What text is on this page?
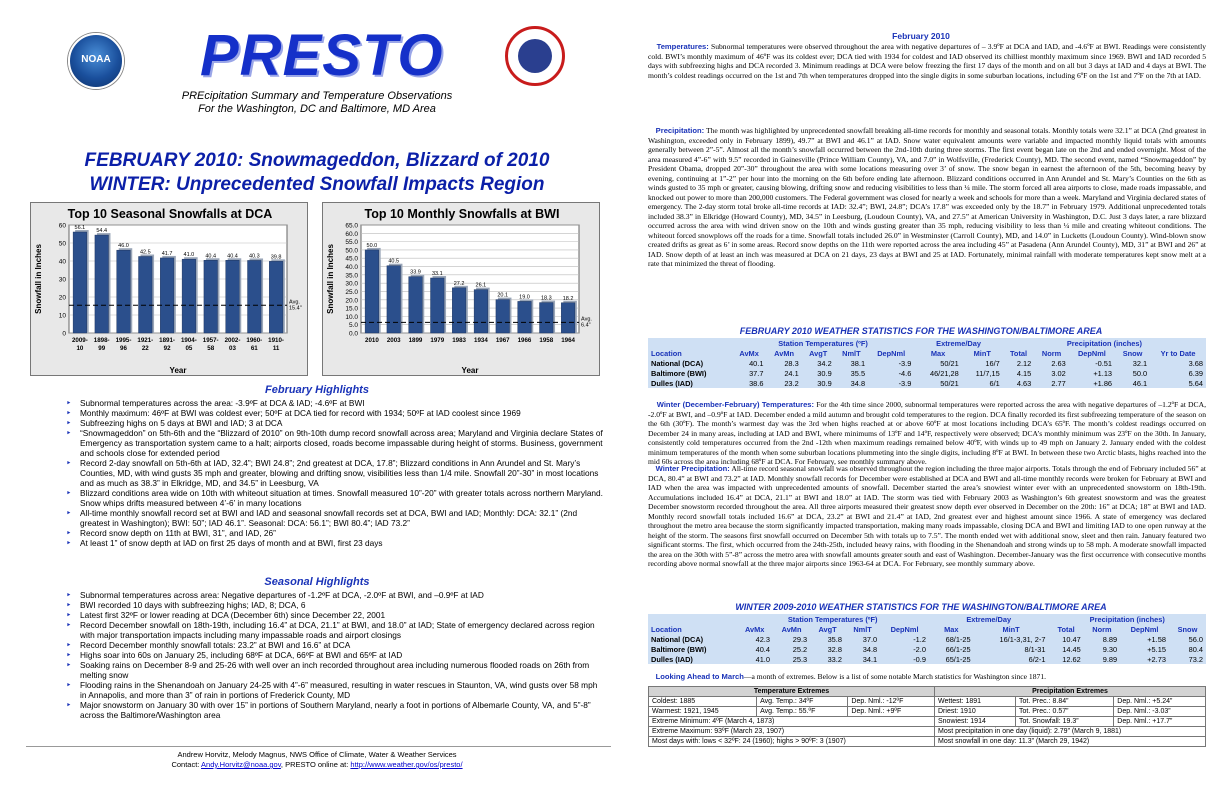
NOAA PRESTO
PREcipitation Summary and Temperature Observations
For the Washington, DC and Baltimore, MD Area
FEBRUARY 2010: Snowmageddon, Blizzard of 2010
WINTER: Unprecedented Snowfall Impacts Region
Top 10 Seasonal Snowfalls at DCA
0
10
20
30
40
50
60
Snowfall in Inches
56.1
2009-10
54.4
1898-99
46.0
1995-96
42.5
1921-22
41.7
1891-92
41.0
1904-05
40.4
1957-58
40.4
2002-03
40.3
1960-61
39.8
1910-11
Avg. 15.4"
Year
Top 10 Monthly Snowfalls at BWI
0.0
5.0
10.0
15.0
20.0
25.0
30.0
35.0
40.0
45.0
50.0
55.0
60.0
65.0
Snowfall in Inches	50.0
2010
40.5
2003
33.9
1899
33.1
1979
27.2
1983
26.1
1934
20.1
1967
19.0
1966
18.3
1958
18.2
1964
Avg. 6.4"
Year
February Highlights
‣ Subnormal temperatures across the area: -3.9ºF at DCA & IAD; -4.6ºF at BWI
‣ Monthly maximum: 46ºF at BWI was coldest ever; 50ºF at DCA tied for record with 1934; 50ºF at IAD coolest since 1969
‣ Subfreezing highs on 5 days at BWI and IAD; 3 at DCA
‣ “Snowmageddon” on 5th-6th and the “Blizzard of 2010” on 9th-10th dump record snowfall across area; Maryland and Virginia declare States of Emergency as transportation system came to a halt; airports closed, roads become impassable during height of storms. Business, government and schools close for extended period
‣ Record 2-day snowfall on 5th-6th at IAD, 32.4”; BWI 24.8”; 2nd greatest at DCA, 17.8”; Blizzard conditions in Ann Arundel and St. Mary’s Counties, MD, with wind gusts 35 mph and greater, blowing and drifting snow, visibilities less than 1/4 mile. Snowfall 20”-30” in most locations and as much as 38.3” in Elkridge, MD, and 34.5” in Leesburg, VA
‣ Blizzard conditions area wide on 10th with whiteout situation at times. Snowfall measured 10”-20” with greater totals across northern Maryland. Snow whips drifts measured between 4’-6’ in many locations
‣ All-time monthly snowfall record set at BWI and IAD and seasonal snowfall records set at DCA, BWI and IAD; Monthly: DCA: 32.1” (2nd greatest in Washington); BWI: 50”; IAD 46.1”. Seasonal: DCA: 56.1”; BWI 80.4”; IAD 73.2”
‣ Record snow depth on 11th at BWI, 31”, and IAD, 26”
‣ At least 1” of snow depth at IAD on first 25 days of month and at BWI, first 23 days
Seasonal Highlights
‣ Subnormal temperatures across area: Negative departures of -1.2ºF at DCA, -2.0ºF at BWI, and –0.9ºF at IAD
‣ BWI recorded 10 days with subfreezing highs; IAD, 8; DCA, 6
‣ Latest first 32ºF or lower reading at DCA (December 6th) since December 22, 2001
‣ Record December snowfall on 18th-19th, including 16.4” at DCA, 21.1” at BWI, and 18.0” at IAD; State of emergency declared across region with major transportation impacts including many impassable roads and airport closings
‣ Record December monthly snowfall totals: 23.2” at BWI and 16.6” at DCA
‣ Highs soar into 60s on January 25, including 68ºF at DCA, 66ºF at BWI and 65ºF at IAD
‣ Soaking rains on December 8-9 and 25-26 with well over an inch recorded throughout area including numerous flooded roads on 26th from melting snow
‣ Flooding rains in the Shenandoah on January 24-25 with 4”-6” measured, resulting in water rescues in Staunton, VA, wind gusts over 58 mph in Annapolis, and more than 3” of rain in portions of Frederick County, MD
‣ Major snowstorm on January 30 with over 15” in portions of Southern Maryland, nearly a foot in portions of Albemarle County, VA, and 5”-8” across the Baltimore/Washington area
Andrew Horvitz, Melody Magnus, NWS Office of Climate, Water & Weather Services
Contact: Andy.Horvitz@noaa.gov, PRESTO online at: http://www.weather.gov/os/presto/
February 2010
Temperatures: Subnormal temperatures were observed throughout the area with negative departures of – 3.9ºF at DCA and IAD, and -4.6ºF at BWI. Readings were consistently cold. BWI’s monthly maximum of 46ºF was its coldest ever; DCA tied with 1934 for coldest and IAD observed its chilliest monthly maximum since 1969. BWI and IAD recorded 5 days with subfreezing highs and DCA recorded 3. Minimum readings at DCA were below freezing the first 17 days of the month and on all but 3 days at IAD and 4 days at BWI. The month’s coldest readings occurred on the 1st and 7th when temperatures dropped into the single digits in some suburban locations, including 6ºF on the 1st and 7ºF on the 7th at IAD.
Precipitation: The month was highlighted by unprecedented snowfall breaking all-time records for monthly and seasonal totals. Monthly totals were 32.1” at DCA (2nd greatest in Washington, exceeded only in February 1899), 49.7” at BWI and 46.1” at IAD. Snow water equivalent amounts were variable and impacted monthly liquid totals with amounts generally between 2”-5”. Almost all the month’s snowfall occurred between the 2nd-10th during three storms. The first event began late on the 2nd and ended overnight. Most of the area measured 4”-6” with 9.5” recorded in Gainesville (Prince William County), VA, and 7.0” in Wolfsville, (Frederick County), MD. The second event, named “Snowmageddon” by President Obama, dropped 20”-30” throughout the area with some locations measuring over 3’ of snow. The snow began in earnest the afternoon of the 5th, becoming heavy by evening, continuing at 1”-2” per hour into the morning on the 6th before ending late afternoon. Blizzard conditions occurred in Ann Arundel and St. Mary’s Counties on the 6th as winds gusted to 35 mph or greater, causing blowing, drifting snow and reducing visibilities to less than ¼ mile. The storm forced all area airports to close, made roads impassable, and knocked out power to more than 200,000 customers. The Federal government was closed for nearly a week and schools for more than a week. Maryland and Virginia declared states of emergency. The 2-day storm total broke all-time records at IAD: 32.4”; BWI, 24.8”; DCA’s 17.8” was exceeded only by the 18.7” in February 1979. Additional unprecedented totals included 38.3” in Elkridge (Howard County), MD, 34.5” in Leesburg, (Loudoun County), VA, and 27.5” at American University in Washington, D.C. Just 3 days later, a rare blizzard occurred across the area with wind driven snow on the 10th and winds gusting greater than 35 mph, reducing visibility to less than ¼ mile and creating whiteout conditions. The whiteout forced snowplows off the roads for a time. Snowfall totals included 26.0” in Westminster (Carroll County), MD, and 14.0” in Lucketts (Loudoun County). Wind-blown snow created drifts as great as 6’ in some areas. Record snow depths on the 11th were reported across the area including 45” at Pasadena (Ann Arundel County), MD, 31” at BWI and 26” at IAD. Snow depth of at least an inch was measured at DCA on 21 days, 23 days at BWI and 25 at IAD. Fortunately, minimal rainfall with moderate temperatures kept snow melt at a rate that minimized the threat of flooding.
FEBRUARY 2010 WEATHER STATISTICS FOR THE WASHINGTON/BALTIMORE AREA
	Station Temperatures (ºF)					Extreme/Day		Precipitation (inches)				
Location	AvMx	AvMn	AvgT	NmlT	DepNml	Max	MinT	Total	Norm	DepNml	Snow	Yr to Date
National (DCA)	40.1	28.3	34.2	38.1	-3.9	50/21	16/7	2.12	2.63	-0.51	32.1	3.68
Baltimore (BWI)	37.7	24.1	30.9	35.5	-4.6	46/21,28	11/7,15	4.15	3.02	+1.13	50.0	6.39
Dulles (IAD)	38.6	23.2	30.9	34.8	-3.9	50/21	6/1	4.63	2.77	+1.86	46.1	5.64
Winter (December-February) Temperatures: For the 4th time since 2000, subnormal temperatures were reported across the area with negative departures of –1.2ºF at DCA, -2.0ºF at BWI, and –0.9ºF at IAD. December ended a mild autumn and brought cold temperatures to the region. DCA finally recorded its first subfreezing temperature of the season on the 6th (30ºF). The month’s warmest day was the 3rd when highs reached at or above 60ºF at most locations including DCA’s 65ºF. The month’s coldest readings occurred on December 24 in many areas, including at IAD and BWI, where minimums of 13ºF and 14ºF, respectively were observed; DCA’s monthly minimum was 23ºF on the 30th. In January, consistently cold temperatures occurred from the 2nd -12th when maximum readings remained below 40ºF, with winds up to 49 mph on January 2. January ended with the coldest minimum temperatures of the month when some suburban locations plummeting into the single digits, including 8ºF at BWI. In between these two Arctic blasts, highs reached into the mid 60s across the area including 68ºF at DCA. For February, see monthly summary above.
Winter Precipitation: All-time record seasonal snowfall was observed throughout the region including the three major airports. Totals through the end of February included 56” at DCA, 80.4” at BWI and 73.2” at IAD. Monthly snowfall records for December were established at DCA and BWI and all-time monthly records were broken for February at BWI and IAD when the area was impacted with unprecedented amounts of snowfall. December started the area’s snowiest winter ever with an unprecedented snowstorm on 18th-19th. Accumulations included 16.4” at DCA, 21.1” at BWI and 18.0” at IAD. The storm was tied with February 2003 as Washington’s 6th greatest snowstorm and was the greatest December snowstorm recorded throughout the area. All three airports measured their greatest snow depth ever observed in December on the 20th: 16” at DCA; 18” at BWI and IAD. Monthly record snowfall totals included 16.6” at DCA, 23.2” at BWI and 21.4” at IAD, 2nd greatest ever and highest amount since 1966. A state of emergency was declared throughout the metro area because the storm significantly impacted transportation, making many roads impassable, closing DCA and BWI and limiting IAD to one open runway at the height of the storm. The seasons first snowfall occurred on December 5th with totals up to 7.5”. The month ended wet with additional snow, sleet and then rain. January featured two significant storms. The first, which occurred from the 24th-25th, included heavy rains, with flooding in the Shenandoah and strong winds up to 58 mph. A moderate snowfall impacted the area on the 30th with 5”-8” across the metro area with snowfall amounts greater south and east of Washington. December-January was the first occurrence with consecutive months recording above normal snowfall at the three major airports since 1963-64 at DCA. For February, see monthly summary above.
WINTER 2009-2010 WEATHER STATISTICS FOR THE WASHINGTON/BALTIMORE AREA
	Station Temperatures (ºF)					Extreme/Day		Precipitation (inches)			
Location	AvMx	AvMn	AvgT	NmlT	DepNml	Max	MinT	Total	Norm	DepNml	Snow
National (DCA)	42.3	29.3	35.8	37.0	-1.2	68/1-25	16/1-3,31, 2-7	10.47	8.89	+1.58	56.0
Baltimore (BWI)	40.4	25.2	32.8	34.8	-2.0	66/1-25	8/1-31	14.45	9.30	+5.15	80.4
Dulles (IAD)	41.0	25.3	33.2	34.1	-0.9	65/1-25	6/2-1	12.62	9.89	+2.73	73.2
Looking Ahead to March—a month of extremes. Below is a list of some notable March statistics for Washington since 1871.
Temperature Extremes			Precipitation Extremes		
Coldest: 1885	Avg. Temp.: 34ºF	Dep. Nml.: -12ºF	Wettest: 1891	Tot. Prec.: 8.84”	Dep. Nml.: +5.24”
Warmest: 1921, 1945	Avg. Temp.: 55.ºF	Dep. Nml.: +9ºF	Driest: 1910	Tot. Prec.: 0.57”	Dep. Nml.: -3.03”
Extreme Minimum: 4ºF (March 4, 1873)			Snowiest: 1914	Tot. Snowfall: 19.3”	Dep. Nml.: +17.7”
Extreme Maximum: 93ºF (March 23, 1907)			Most precipitation in one day (liquid): 2.79” (March 9, 1881)		
Most days with: lows < 32ºF: 24 (1960); highs > 90ºF: 3 (1907)			Most snowfall in one day: 11.3” (March 29, 1942)		
